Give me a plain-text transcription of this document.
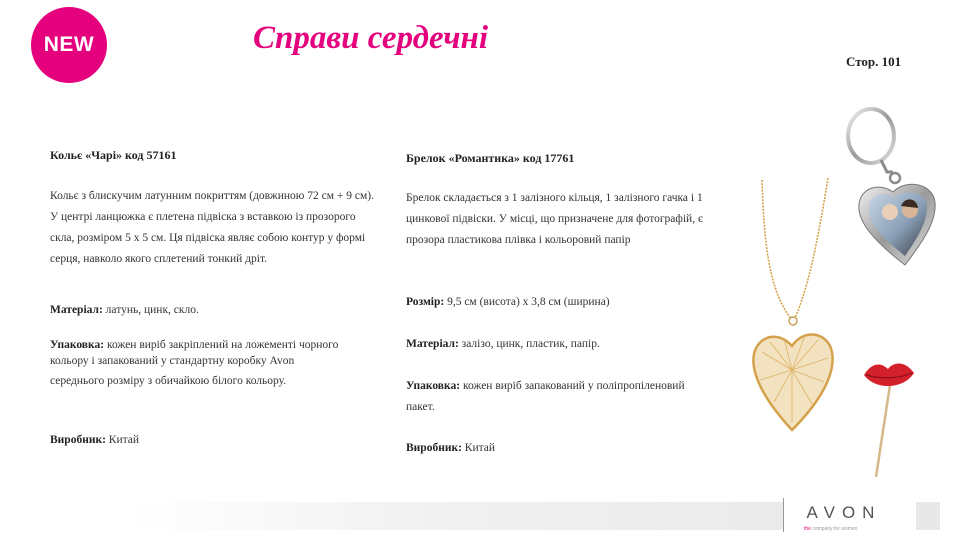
NEW	Справи сердечні
Стор. 101
Кольє «Чарі» код 57161
Кольє з блискучим латунним покриттям (довжиною 72 см + 9 см). У центрі ланцюжка є плетена підвіска з вставкою із прозорого скла, розміром 5 х 5 см. Ця підвіска являє собою контур у формі серця, навколо якого сплетений тонкий дріт.
Матеріал: латунь, цинк, скло.
Упаковка: кожен виріб закріплений на ложементі чорного
кольору і запакований у стандартну коробку Avon
середнього розміру з обичайкою білого кольору.
Виробник: Китай
Брелок «Романтика» код 17761
Брелок складається з 1 залізного кільця, 1 залізного гачка і 1 цинкової підвіски. У місці, що призначене для фотографій, є прозора пластикова плівка і кольоровий папір
Розмір: 9,5 см (висота) х 3,8 см (ширина)
Матеріал: залізо, цинк, пластик, папір.
Упаковка: кожен виріб запакований у поліпропіленовий
пакет.
Виробник: Китай
AVON
the company for women
